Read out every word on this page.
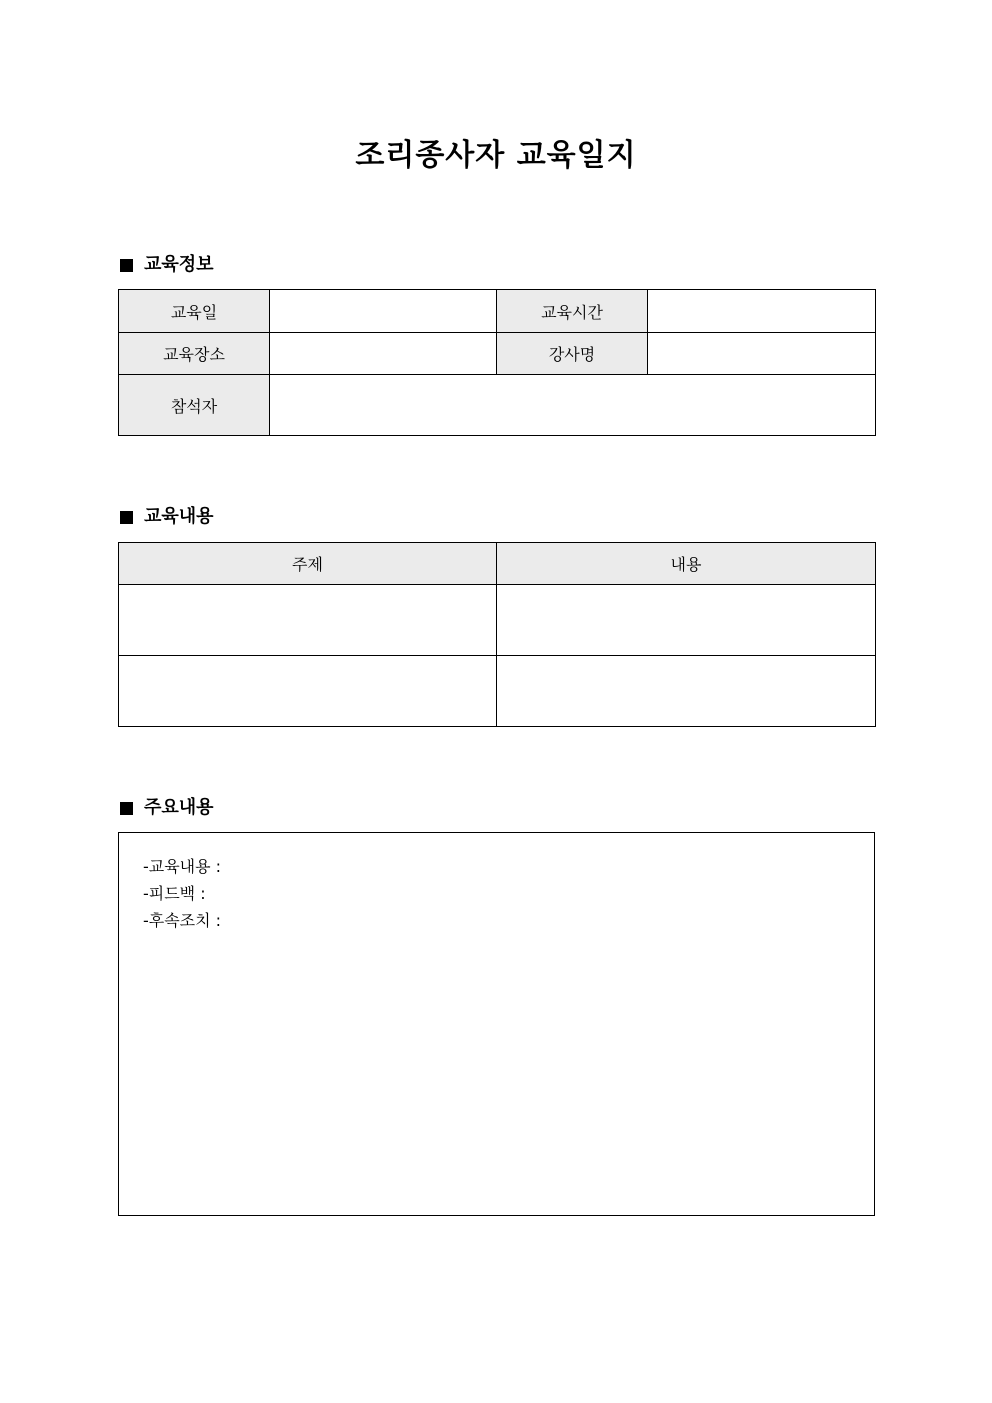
조리종사자 교육일지
교육정보
교육일		교육시간	
교육장소		강사명	
참석자			
교육내용
주제	내용

주요내용
-교육내용 :
-피드백 :
-후속조치 :
